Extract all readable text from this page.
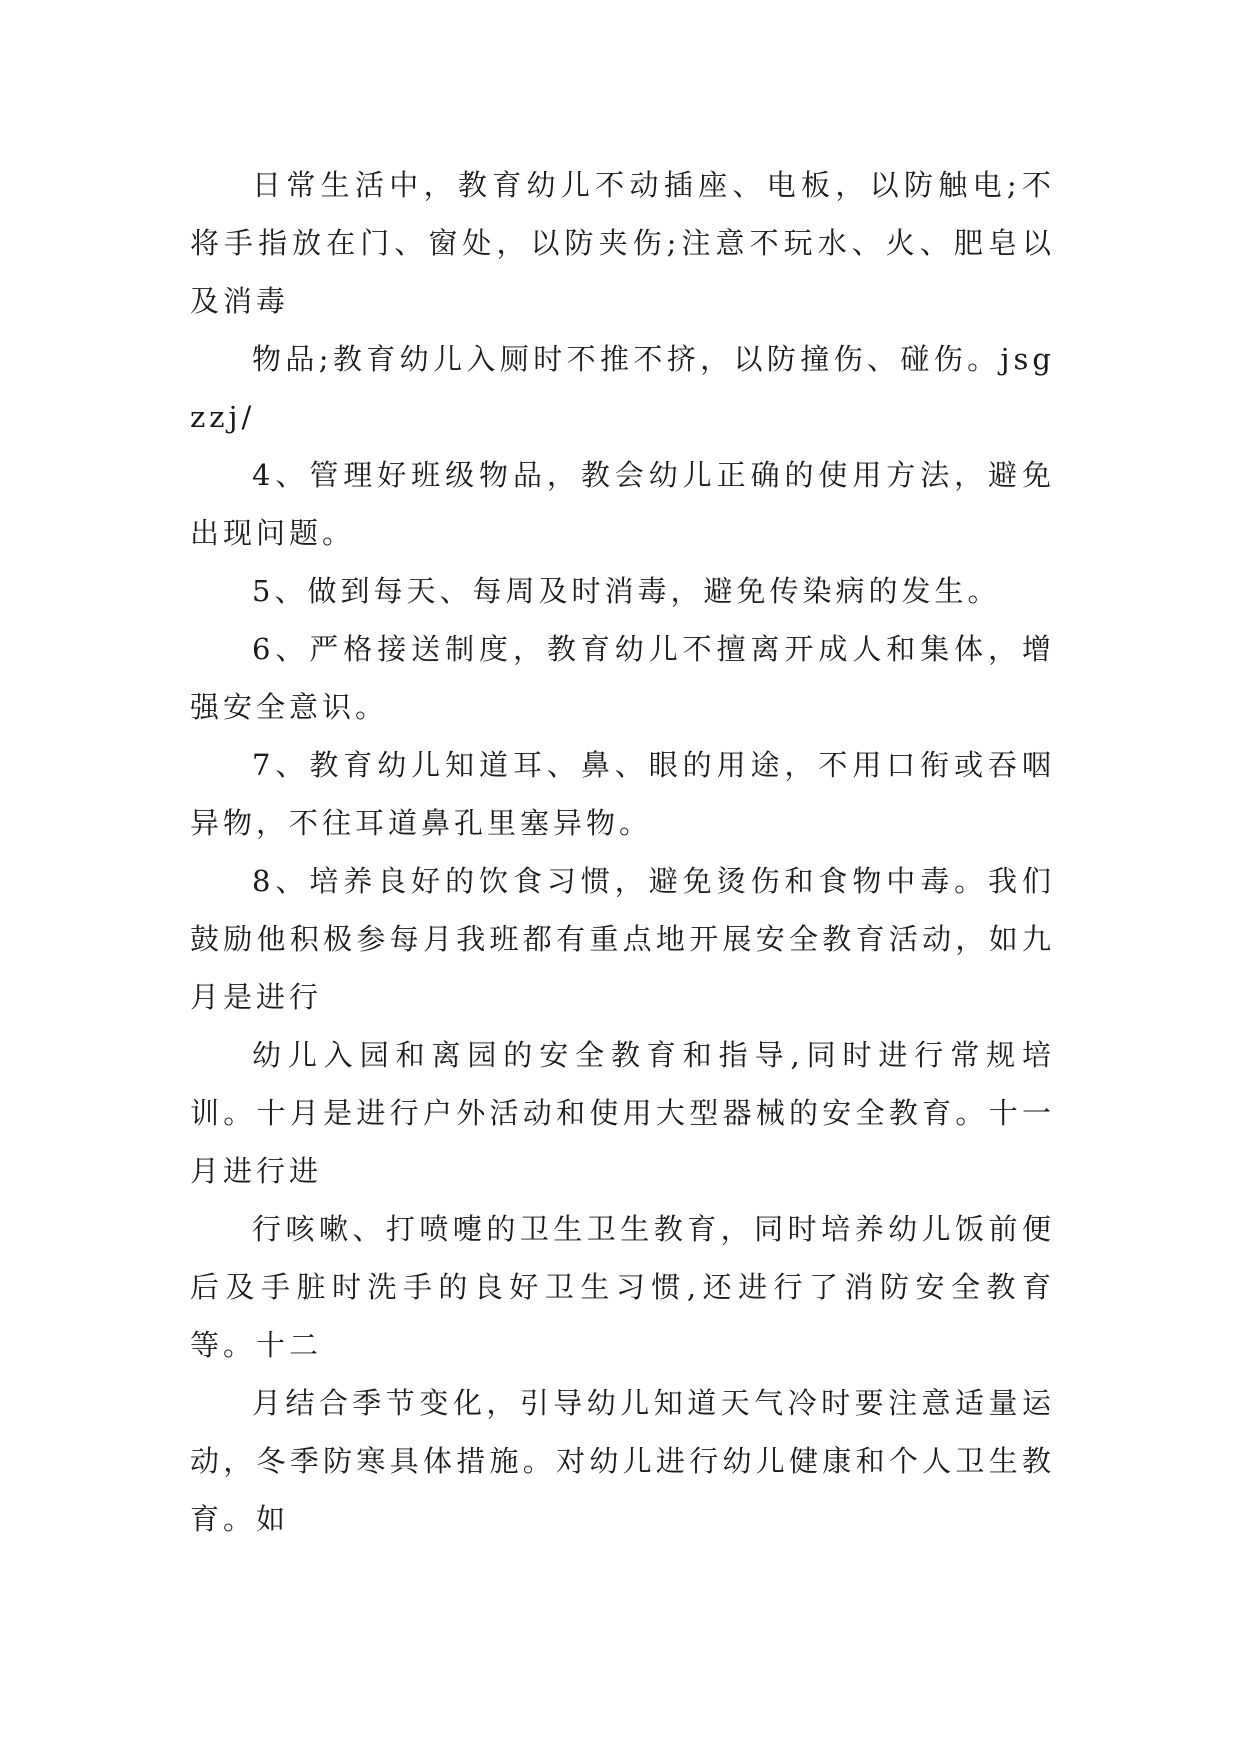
日常生活中，教育幼儿不动插座、电板，以防触电;不将手指放在门、窗处，以防夹伤;注意不玩水、火、肥皂以及消毒

物品;教育幼儿入厕时不推不挤，以防撞伤、碰伤。jsgzzj/

4、管理好班级物品，教会幼儿正确的使用方法，避免出现问题。

5、做到每天、每周及时消毒，避免传染病的发生。

6、严格接送制度，教育幼儿不擅离开成人和集体，增强安全意识。

7、教育幼儿知道耳、鼻、眼的用途，不用口衔或吞咽异物，不往耳道鼻孔里塞异物。

8、培养良好的饮食习惯，避免烫伤和食物中毒。我们鼓励他积极参每月我班都有重点地开展安全教育活动，如九月是进行

幼儿入园和离园的安全教育和指导,同时进行常规培训。十月是进行户外活动和使用大型器械的安全教育。十一月进行进

行咳嗽、打喷嚏的卫生卫生教育，同时培养幼儿饭前便后及手脏时洗手的良好卫生习惯,还进行了消防安全教育等。十二

月结合季节变化，引导幼儿知道天气冷时要注意适量运动，冬季防寒具体措施。对幼儿进行幼儿健康和个人卫生教育。如
